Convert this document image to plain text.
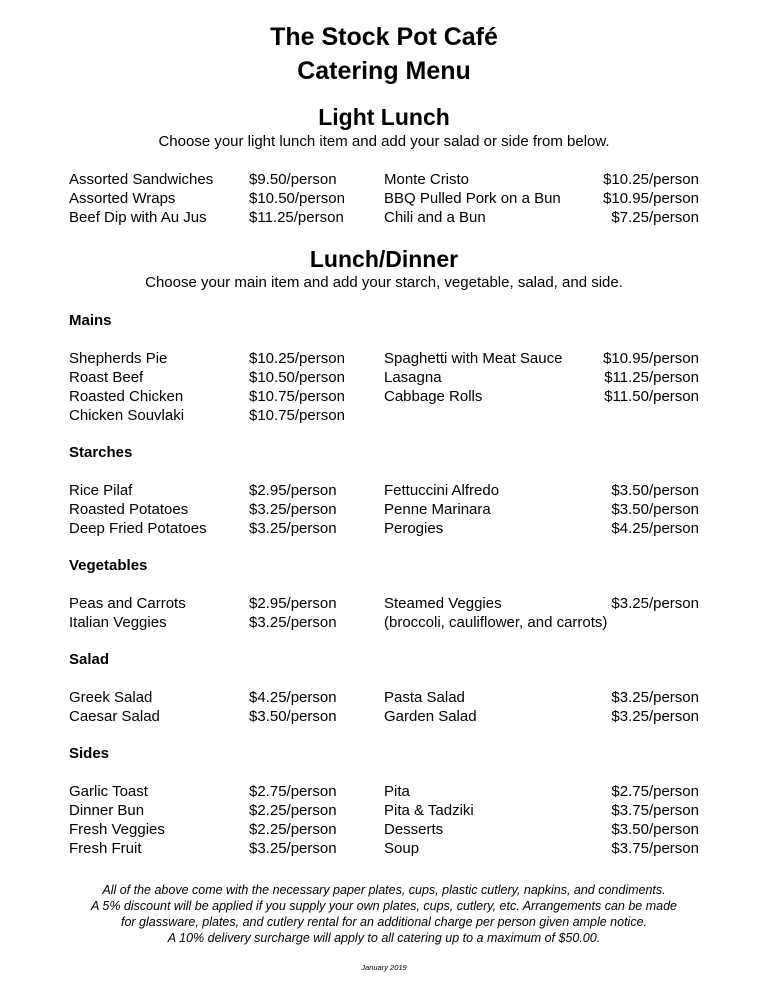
The Stock Pot Café
Catering Menu
Light Lunch
Choose your light lunch item and add your salad or side from below.
Assorted Sandwiches $9.50/person	Monte Cristo	$10.25/person
Assorted Wraps	$10.50/person	BBQ Pulled Pork on a Bun	$10.95/person
Beef Dip with Au Jus	$11.25/person	Chili and a Bun	$7.25/person
Lunch/Dinner
Choose your main item and add your starch, vegetable, salad, and side.
Mains
Shepherds Pie	$10.25/person	Spaghetti with Meat Sauce	$10.95/person
Roast Beef	$10.50/person	Lasagna	$11.25/person
Roasted Chicken	$10.75/person	Cabbage Rolls	$11.50/person
Chicken Souvlaki	$10.75/person
Starches
Rice Pilaf	$2.95/person	Fettuccini Alfredo	$3.50/person
Roasted Potatoes	$3.25/person	Penne Marinara	$3.50/person
Deep Fried Potatoes	$3.25/person	Perogies	$4.25/person
Vegetables
Peas and Carrots	$2.95/person	Steamed Veggies	$3.25/person
Italian Veggies	$3.25/person	(broccoli, cauliflower, and carrots)
Salad
Greek Salad	$4.25/person	Pasta Salad	$3.25/person
Caesar Salad	$3.50/person	Garden Salad	$3.25/person
Sides
Garlic Toast	$2.75/person	Pita	$2.75/person
Dinner Bun	$2.25/person	Pita & Tadziki	$3.75/person
Fresh Veggies	$2.25/person	Desserts	$3.50/person
Fresh Fruit	$3.25/person	Soup	$3.75/person
All of the above come with the necessary paper plates, cups, plastic cutlery, napkins, and condiments.
A 5% discount will be applied if you supply your own plates, cups, cutlery, etc. Arrangements can be made
for glassware, plates, and cutlery rental for an additional charge per person given ample notice.
A 10% delivery surcharge will apply to all catering up to a maximum of $50.00.
January 2019
